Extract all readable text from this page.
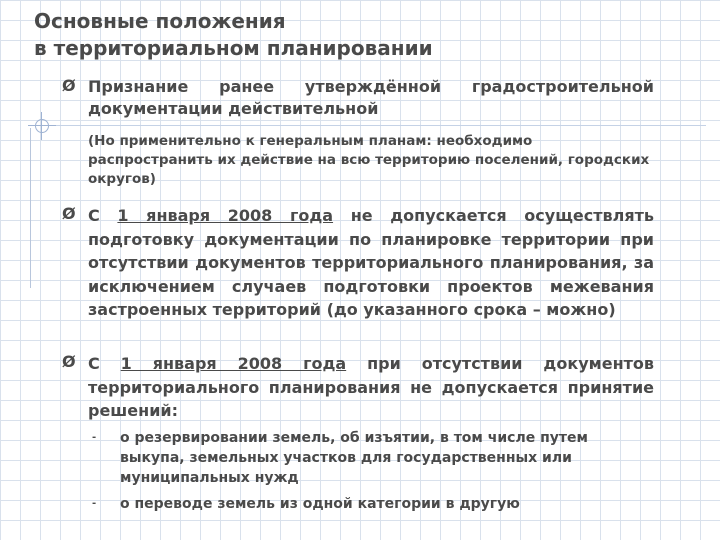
Основные положения
в территориальном планировании
Ø Признание ранее утверждённой градостроительной документации действительной
(Но применительно к генеральным планам: необходимо распространить их действие на всю территорию поселений, городских округов)
Ø С 1 января 2008 года не допускается осуществлять подготовку документации по планировке территории при отсутствии документов территориального планирования, за исключением случаев подготовки проектов межевания застроенных территорий (до указанного срока – можно)
Ø С 1 января 2008 года при отсутствии документов территориального планирования не допускается принятие решений:
- о резервировании земель, об изъятии, в том числе путем выкупа, земельных участков для государственных или муниципальных нужд
- о переводе земель из одной категории в другую
